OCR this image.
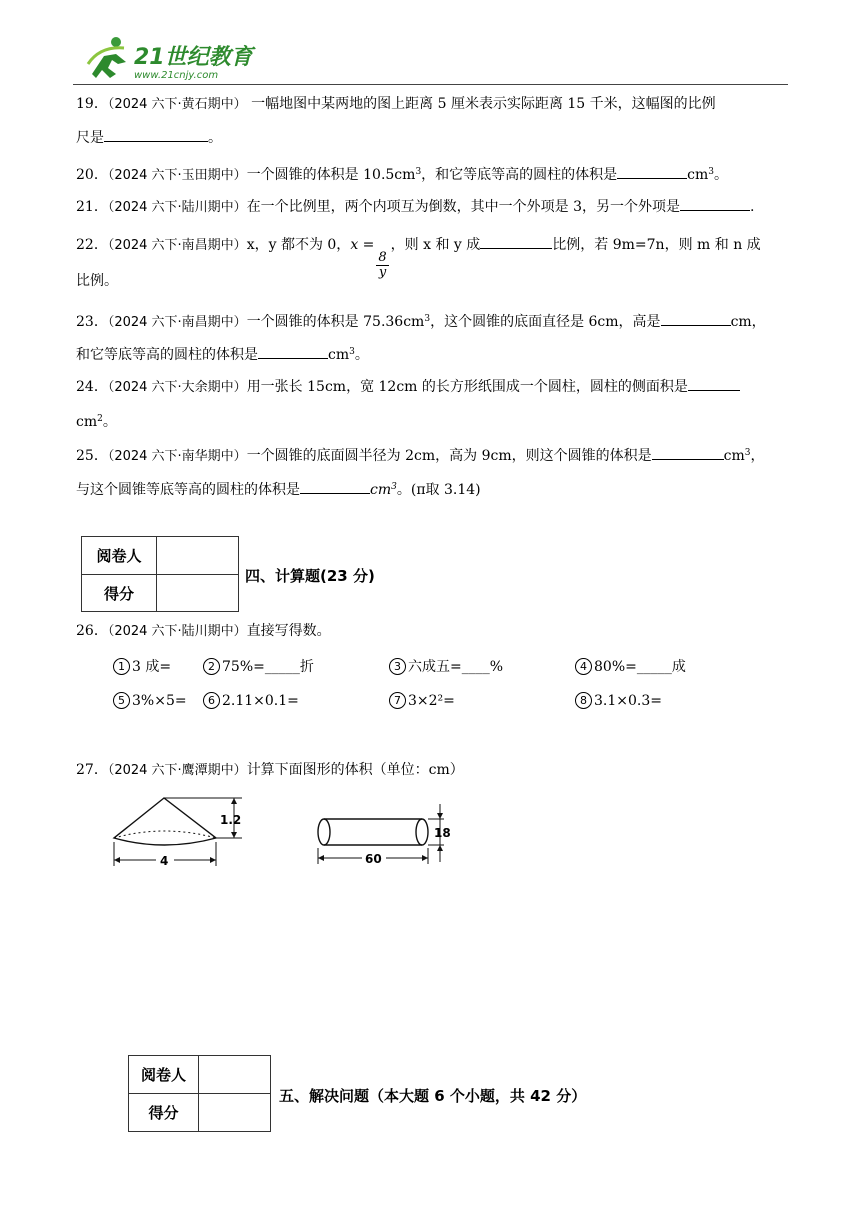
21世纪教育
www.21cnjy.com
19．（2024 六下·黄石期中） 一幅地图中某两地的图上距离 5 厘米表示实际距离 15 千米，这幅图的比例
尺是	。
20．（2024 六下·玉田期中）一个圆锥的体积是 $10.5cm^3$，和它等底等高的圆柱的体积是	$cm^3$。
21．（2024 六下·陆川期中）在一个比例里，两个内项互为倒数，其中一个外项是 3，另一个外项是	.
22．（2024 六下·南昌期中）x，y 都不为 0，x =
$\frac{8}{y}$
，则 x 和 y 成	比例，若 9m=7n，则 m 和 n 成
比例。
23．（2024 六下·南昌期中）一个圆锥的体积是 $75.36cm^3$，这个圆锥的底面直径是 6cm，高是	cm，
和它等底等高的圆柱的体积是	$cm^3$。
24．（2024 六下·大余期中）用一张长 15cm，宽 12cm 的长方形纸围成一个圆柱，圆柱的侧面积是
$cm^2$。
25．（2024 六下·南华期中）一个圆锥的底面圆半径为 2cm，高为 9cm，则这个圆锥的体积是	$cm^3$，
与这个圆锥等底等高的圆柱的体积是	$cm^3$。(π取 3.14)
阅卷人	
得分	
四、计算题(23 分)
26．（2024 六下·陆川期中）直接写得数。
1 3 成=	2 75%=_____折	3 六成五=____%	4 80%=_____成
5 3%×5=	6 2.11×0.1=	7 3×2²=	8 3.1×0.3=
27．（2024 六下·鹰潭期中）计算下面图形的体积（单位：cm）
1.2
4
18
60
阅卷人	
得分	
五、解决问题（本大题 6 个小题，共 42 分）
